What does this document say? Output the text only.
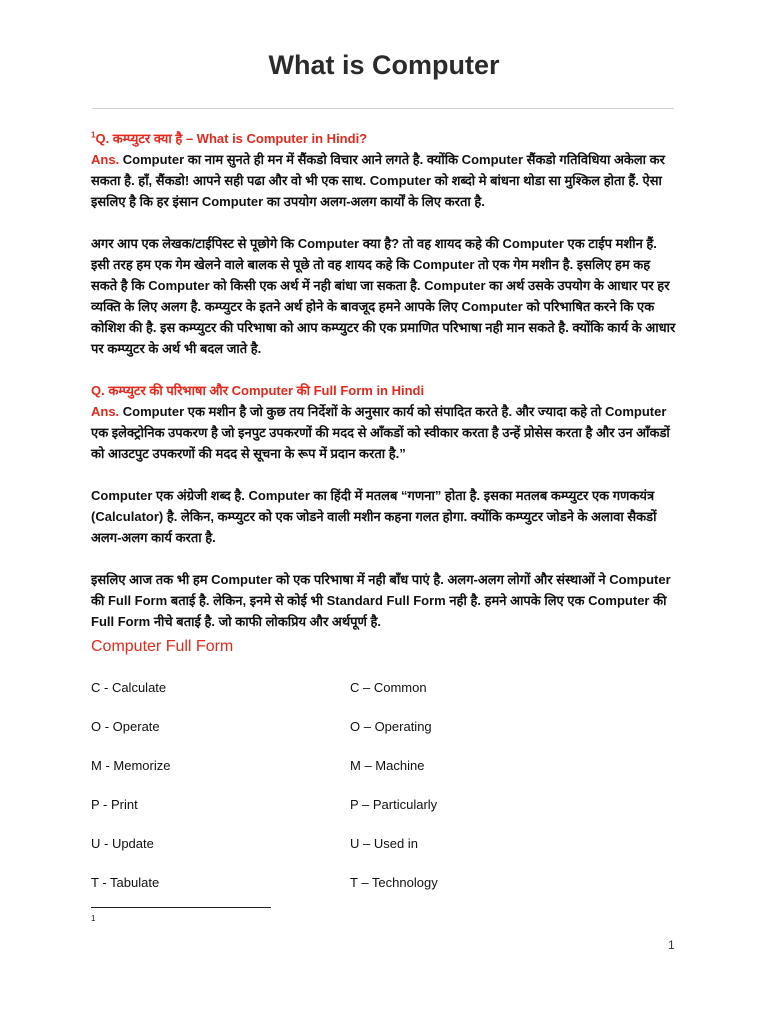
What is Computer

$^1$Q. कम्प्युटर क्या है – What is Computer in Hindi?
Ans. Computer का नाम सुनते ही मन में सैंकडो विचार आने लगते है. क्योंकि Computer सैंकडो गतिविधिया अकेला कर सकता है. हाँ, सैंकडो! आपने सही पढा और वो भी एक साथ. Computer को शब्दो मे बांधना थोडा सा मुश्किल होता हैं. ऐसा इसलिए है कि हर इंसान Computer का उपयोग अलग-अलग कार्यों के लिए करता है.

अगर आप एक लेखक/टाईपिस्ट से पूछोगे कि Computer क्या है? तो वह शायद कहे की Computer एक टाईप मशीन हैं. इसी तरह हम एक गेम खेलने वाले बालक से पूछे तो वह शायद कहे कि Computer तो एक गेम मशीन है. इसलिए हम कह सकते है कि Computer को किसी एक अर्थ में नही बांधा जा सकता है. Computer का अर्थ उसके उपयोग के आधार पर हर व्यक्ति के लिए अलग है. कम्प्युटर के इतने अर्थ होने के बावजूद हमने आपके लिए Computer को परिभाषित करने कि एक कोशिश की है. इस कम्प्युटर की परिभाषा को आप कम्प्युटर की एक प्रमाणित परिभाषा नही मान सकते है. क्योंकि कार्य के आधार पर कम्प्युटर के अर्थ भी बदल जाते है.

Q. कम्प्युटर की परिभाषा और Computer की Full Form in Hindi
Ans. Computer एक मशीन है जो कुछ तय निर्देशों के अनुसार कार्य को संपादित करते है. और ज्यादा कहे तो Computer एक इलेक्ट्रोनिक उपकरण है जो इनपुट उपकरणों की मदद से आँकडों को स्वीकार करता है उन्हें प्रोसेस करता है और उन आँकडों को आउटपुट उपकरणों की मदद से सूचना के रूप में प्रदान करता है.”

Computer एक अंग्रेजी शब्द है. Computer का हिंदी में मतलब “गणना” होता है. इसका मतलब कम्प्युटर एक गणकयंत्र (Calculator) है. लेकिन, कम्प्युटर को एक जोडने वाली मशीन कहना गलत होगा. क्योंकि कम्प्युटर जोडने के अलावा सैकडों अलग-अलग कार्य करता है.

इसलिए आज तक भी हम Computer को एक परिभाषा में नही बाँध पाएं है. अलग-अलग लोगों और संस्थाओं ने Computer की Full Form बताई है. लेकिन, इनमे से कोई भी Standard Full Form नही है. हमने आपके लिए एक Computer की Full Form नीचे बताई है. जो काफी लोकप्रिय और अर्थपूर्ण है.

Computer Full Form
C - Calculate	C – Common
O - Operate	O – Operating
M - Memorize	M – Machine
P - Print	P – Particularly
U - Update	U – Used in
T - Tabulate	T – Technology
1
1
